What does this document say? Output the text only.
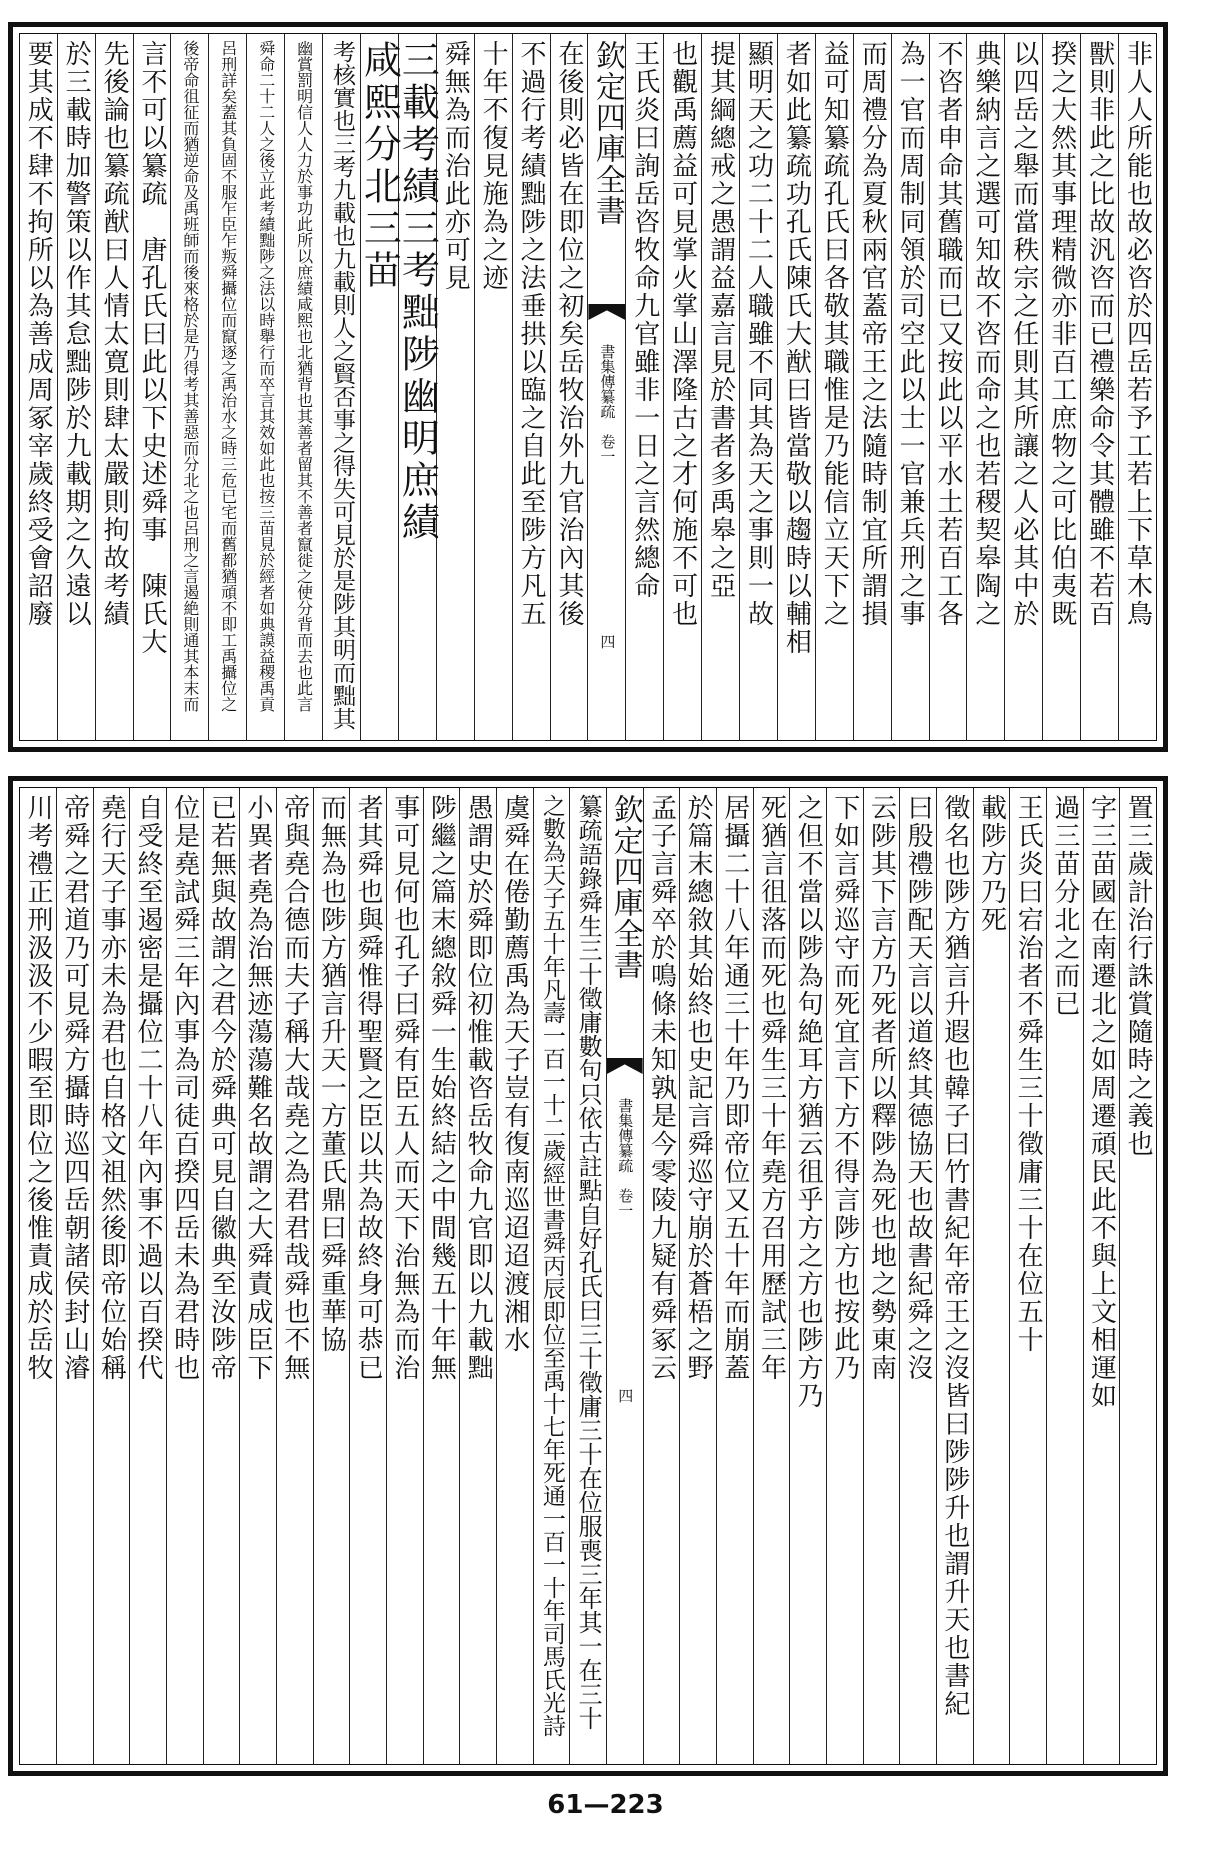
非人人所能也故必咨於四岳若予工若上下草木鳥
獸則非此之比故汎咨而已禮樂命令其體雖不若百
揆之大然其事理精微亦非百工庶物之可比伯夷既
以四岳之舉而當秩宗之任則其所讓之人必其中於
典樂納言之選可知故不咨而命之也若稷契皋陶之
不咨者申命其舊職而已又按此以平水土若百工各
為一官而周制同領於司空此以士一官兼兵刑之事
而周禮分為夏秋兩官蓋帝王之法隨時制宜所謂損
益可知纂疏孔氏曰各敬其職惟是乃能信立天下之
者如此纂疏功孔氏陳氏大猷曰皆當敬以趨時以輔相
顯明天之功二十二人職雖不同其為天之事則一故
提其綱總戒之愚謂益嘉言見於書者多禹皋之亞
也觀禹薦益可見掌火掌山澤隆古之才何施不可也
王氏炎曰詢岳咨牧命九官雖非一日之言然總命
欽定四庫全書
書集傳纂疏
卷一
四
在後則必皆在即位之初矣岳牧治外九官治內其後
不過行考績黜陟之法垂拱以臨之自此至陟方凡五
十年不復見施為之迹
舜無為而治此亦可見
三載考績三考黜陟幽明庶績
咸熙分北三苗
考核實也三考九載也九載則人之賢否事之得失可見於是陟其明而黜其
幽賞罰明信人人力於事功此所以庶績咸熙也北猶背也其善者留其不善者竄徙之使分背而去也此言
舜命二十二人之後立此考績黜陟之法以時舉行而卒言其效如此也按三苗見於經者如典謨益稷禹貢
呂刑詳矣蓋其負固不服乍臣乍叛舜攝位而竄逐之禹治水之時三危已宅而舊都猶頑不即工禹攝位之
後帝命徂征而猶逆命及禹班師而後來格於是乃得考其善惡而分北之也呂刑之言遏絶則通其本末而
言不可以纂疏　唐孔氏曰此以下史述舜事　陳氏大
先後論也纂疏猷曰人情太寛則肆太嚴則拘故考績
於三載時加警策以作其怠黜陟於九載期之久遠以
要其成不肆不拘所以為善成周冢宰歲終受會詔廢
置三歲計治行誅賞隨時之義也
字三苗國在南遷北之如周遷頑民此不與上文相運如
過三苗分北之而已
王氏炎曰宕治者不舜生三十徵庸三十在位五十
載陟方乃死
徵名也陟方猶言升遐也韓子曰竹書紀年帝王之沒皆曰陟陟升也謂升天也書紀
曰殷禮陟配天言以道終其德協天也故書紀舜之沒
云陟其下言方乃死者所以釋陟為死也地之勢東南
下如言舜巡守而死宜言下方不得言陟方也按此乃
之但不當以陟為句絶耳方猶云徂乎方之方也陟方乃
死猶言徂落而死也舜生三十年堯方召用歷試三年
居攝二十八年通三十年乃即帝位又五十年而崩蓋
於篇末總敘其始終也史記言舜巡守崩於蒼梧之野
孟子言舜卒於鳴條未知孰是今零陵九疑有舜冢云
欽定四庫全書
書集傳纂疏
卷一
四
纂疏語錄舜生三十徵庸數句只依古註點自好孔氏曰三十徵庸三十在位服喪三年其一在三十
之數為天子五十年凡壽一百一十二歲經世書舜丙辰即位至禹十七年死通一百一十年司馬氏光詩
虞舜在倦勤薦禹為天子豈有復南巡迢迢渡湘水
愚謂史於舜即位初惟載咨岳牧命九官即以九載黜
陟繼之篇末總敘舜一生始終結之中間幾五十年無
事可見何也孔子曰舜有臣五人而天下治無為而治
者其舜也與舜惟得聖賢之臣以共為故終身可恭已
而無為也陟方猶言升天一方董氏鼎曰舜重華協
帝與堯合德而夫子稱大哉堯之為君君哉舜也不無
小異者堯為治無迹蕩蕩難名故謂之大舜責成臣下
已若無與故謂之君今於舜典可見自徽典至汝陟帝
位是堯試舜三年內事為司徒百揆四岳未為君時也
自受終至遏密是攝位二十八年內事不過以百揆代
堯行天子事亦未為君也自格文祖然後即帝位始稱
帝舜之君道乃可見舜方攝時巡四岳朝諸侯封山濬
川考禮正刑汲汲不少暇至即位之後惟責成於岳牧
61—223
